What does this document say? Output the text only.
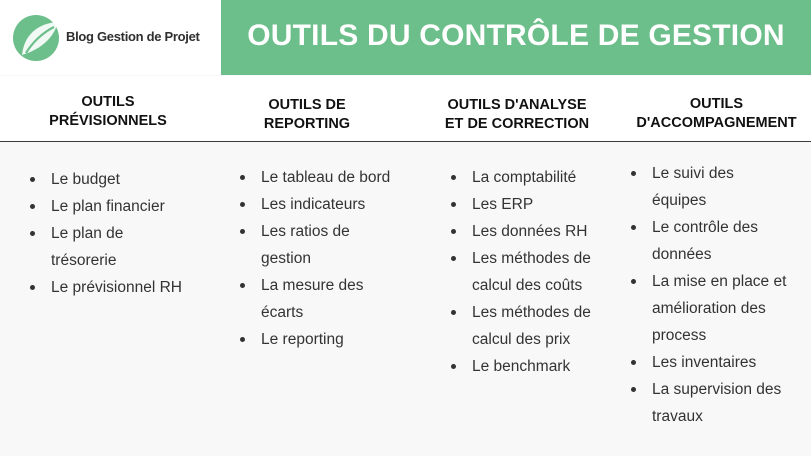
Blog Gestion de Projet	OUTILS DU CONTRÔLE DE GESTION
OUTILS
PRÉVISIONNELS
OUTILS DE
REPORTING
OUTILS D'ANALYSE
ET DE CORRECTION
OUTILS
D'ACCOMPAGNEMENT
Le budget
Le plan financier
Le plan de trésorerie
Le prévisionnel RH
Le tableau de bord
Les indicateurs
Les ratios de gestion
La mesure des écarts
Le reporting
La comptabilité
Les ERP
Les données RH
Les méthodes de calcul des coûts
Les méthodes de calcul des prix
Le benchmark
Le suivi des équipes
Le contrôle des données
La mise en place et amélioration des process
Les inventaires
La supervision des travaux
